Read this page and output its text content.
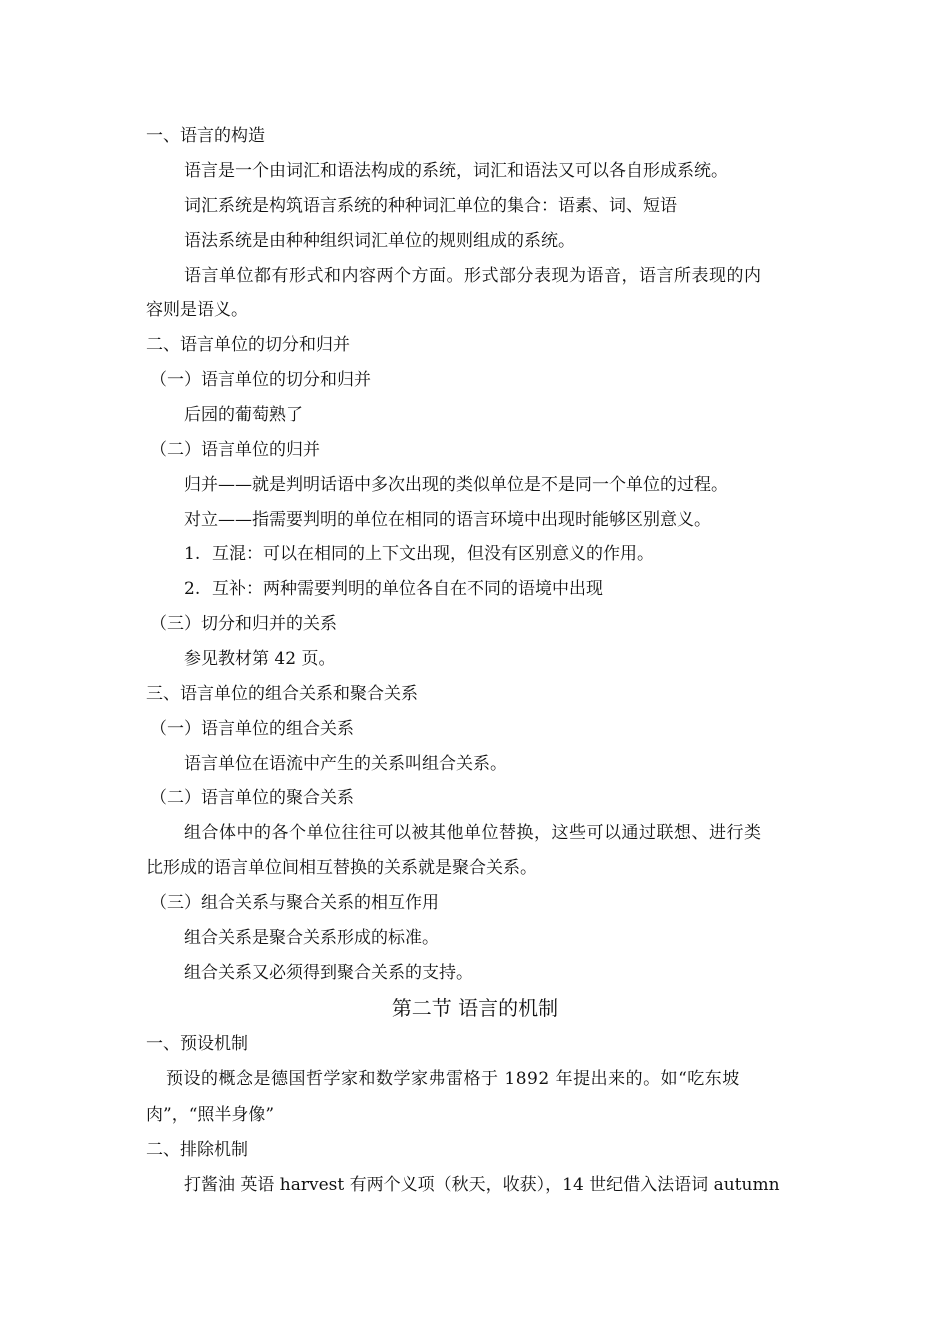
一、语言的构造
语言是一个由词汇和语法构成的系统，词汇和语法又可以各自形成系统。
词汇系统是构筑语言系统的种种词汇单位的集合：语素、词、短语
语法系统是由种种组织词汇单位的规则组成的系统。
语言单位都有形式和内容两个方面。形式部分表现为语音，语言所表现的内
容则是语义。
二、语言单位的切分和归并
（一）语言单位的切分和归并
后园的葡萄熟了
（二）语言单位的归并
归并——就是判明话语中多次出现的类似单位是不是同一个单位的过程。
对立——指需要判明的单位在相同的语言环境中出现时能够区别意义。
1. 互混：可以在相同的上下文出现，但没有区别意义的作用。
2. 互补：两种需要判明的单位各自在不同的语境中出现
（三）切分和归并的关系
参见教材第 42 页。
三、语言单位的组合关系和聚合关系
（一）语言单位的组合关系
语言单位在语流中产生的关系叫组合关系。
（二）语言单位的聚合关系
组合体中的各个单位往往可以被其他单位替换，这些可以通过联想、进行类
比形成的语言单位间相互替换的关系就是聚合关系。
（三）组合关系与聚合关系的相互作用
组合关系是聚合关系形成的标准。
组合关系又必须得到聚合关系的支持。
第二节 语言的机制
一、预设机制
预设的概念是德国哲学家和数学家弗雷格于 1892 年提出来的。如“吃东坡
肉”，“照半身像”
二、排除机制
打酱油 英语 harvest 有两个义项（秋天，收获），14 世纪借入法语词 autumn
